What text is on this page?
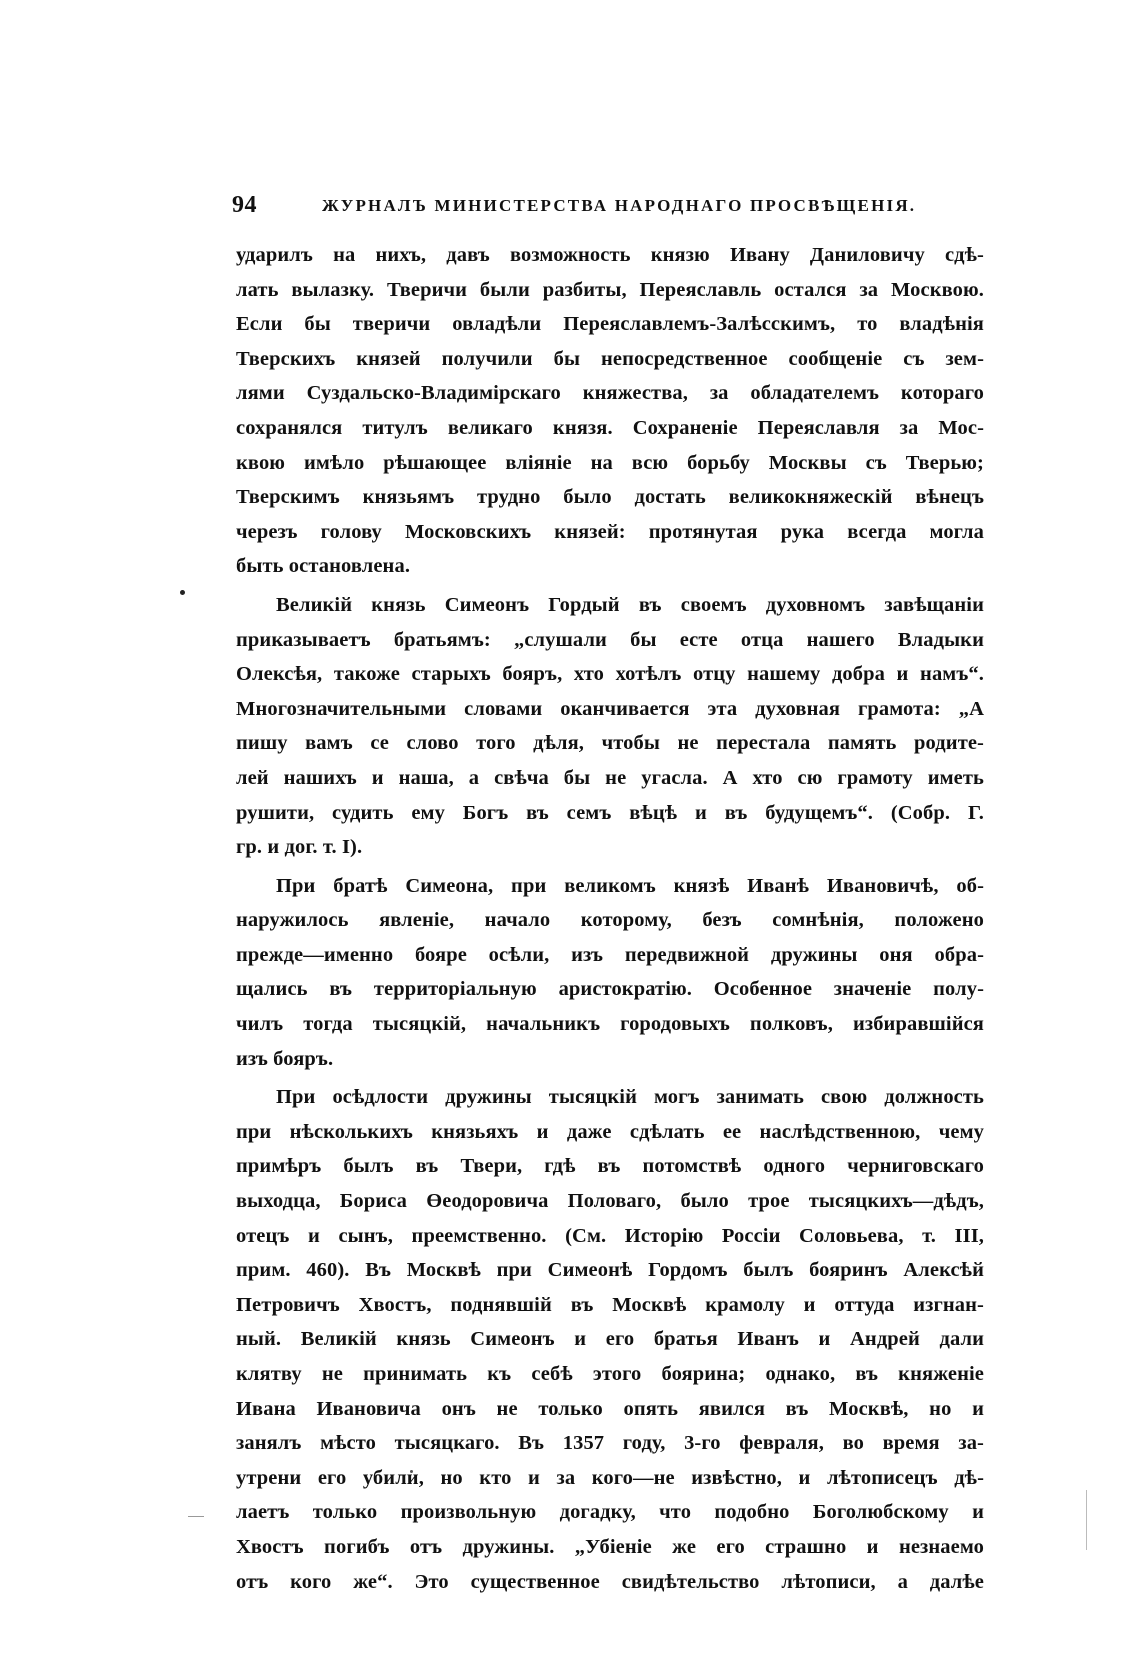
94	ЖУРНАЛЪ МИНИСТЕРСТВА НАРОДНАГО ПРОСВѢЩЕНІЯ.
ударилъ на нихъ, давъ возможность князю Ивану Даниловичу сдѣ-
лать вылазку. Тверичи были разбиты, Переяславль остался за Москвою.
Если бы тверичи овладѣли Переяславлемъ-Залѣсскимъ, то владѣнія
Тверскихъ князей получили бы непосредственное сообщеніе съ зем-
лями Суздальско-Владимірскаго княжества, за обладателемъ котораго
сохранялся титулъ великаго князя. Сохраненіе Переяславля за Мос-
квою имѣло рѣшающее вліяніе на всю борьбу Москвы съ Тверью;
Тверскимъ князьямъ трудно было достать великокняжескій вѣнецъ
черезъ голову Московскихъ князей: протянутая рука всегда могла
быть остановлена.
Великій князь Симеонъ Гордый въ своемъ духовномъ завѣщаніи
приказываетъ братьямъ: „слушали бы есте отца нашего Владыки
Олексѣя, такоже старыхъ бояръ, хто хотѣлъ отцу нашему добра и намъ“.
Многозначительными словами оканчивается эта духовная грамота: „А
пишу вамъ се слово того дѣля, чтобы не перестала память родите-
лей нашихъ и наша, а свѣча бы не угасла. А хто сю грамоту иметь
рушити, судить ему Богъ въ семъ вѣцѣ и въ будущемъ“. (Собр. Г.
гр. и дог. т. I).
При братѣ Симеона, при великомъ князѣ Иванѣ Ивановичѣ, об-
наружилось явленіе, начало которому, безъ сомнѣнія, положено
прежде—именно бояре осѣли, изъ передвижной дружины оня обра-
щались въ территоріальную аристократію. Особенное значеніе полу-
чилъ тогда тысяцкій, начальникъ городовыхъ полковъ, избиравшійся
изъ бояръ.
При осѣдлости дружины тысяцкій могъ занимать свою должность
при нѣсколькихъ князьяхъ и даже сдѣлать ее наслѣдственною, чему
примѣръ былъ въ Твери, гдѣ въ потомствѣ одного черниговскаго
выходца, Бориса Өеодоровича Половаго, было трое тысяцкихъ—дѣдъ,
отецъ и сынъ, преемственно. (См. Исторію Россіи Соловьева, т. III,
прим. 460). Въ Москвѣ при Симеонѣ Гордомъ былъ бояринъ Алексѣй
Петровичъ Хвостъ, поднявшій въ Москвѣ крамолу и оттуда изгнан-
ный. Великій князь Симеонъ и его братья Иванъ и Андрей дали
клятву не принимать къ себѣ этого боярина; однако, въ княженіе
Ивана Ивановича онъ не только опять явился въ Москвѣ, но и
занялъ мѣсто тысяцкаго. Въ 1357 году, 3-го февраля, во время за-
утрени его убили, но кто и за кого—не извѣстно, и лѣтописецъ дѣ-
лаетъ только произвольную догадку, что подобно Боголюбскому и
Хвостъ погибъ отъ дружины. „Убіеніе же его страшно и незнаемо
отъ кого же“. Это существенное свидѣтельство лѣтописи, а далѣе
